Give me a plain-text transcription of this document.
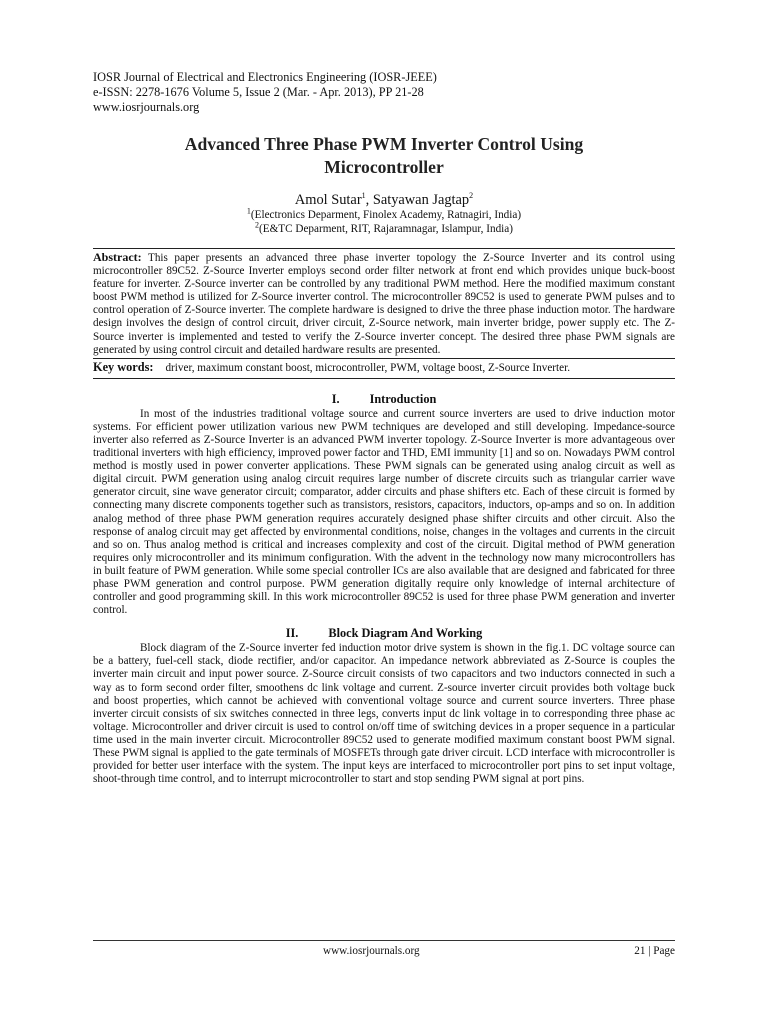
IOSR Journal of Electrical and Electronics Engineering (IOSR-JEEE)
e-ISSN: 2278-1676 Volume 5, Issue 2 (Mar. - Apr. 2013), PP 21-28
www.iosrjournals.org
Advanced Three Phase PWM Inverter Control Using
Microcontroller
Amol Sutar$^1$, Satyawan Jagtap$^2$
$^1$(Electronics Deparment, Finolex Academy, Ratnagiri, India)
$^2$(E&TC Deparment, RIT, Rajaramnagar, Islampur, India)
Abstract: This paper presents an advanced three phase inverter topology the Z-Source Inverter and its control using microcontroller 89C52. Z-Source Inverter employs second order filter network at front end which provides unique buck-boost feature for inverter. Z-Source inverter can be controlled by any traditional PWM method. Here the modified maximum constant boost PWM method is utilized for Z-Source inverter control. The microcontroller 89C52 is used to generate PWM pulses and to control operation of Z-Source inverter. The complete hardware is designed to drive the three phase induction motor. The hardware design involves the design of control circuit, driver circuit, Z-Source network, main inverter bridge, power supply etc. The Z-Source inverter is implemented and tested to verify the Z-Source inverter concept. The desired three phase PWM signals are generated by using control circuit and detailed hardware results are presented.
Key words: driver, maximum constant boost, microcontroller, PWM, voltage boost, Z-Source Inverter.
I. Introduction
In most of the industries traditional voltage source and current source inverters are used to drive induction motor systems. For efficient power utilization various new PWM techniques are developed and still developing. Impedance-source inverter also referred as Z-Source Inverter is an advanced PWM inverter topology. Z-Source Inverter is more advantageous over traditional inverters with high efficiency, improved power factor and THD, EMI immunity [1] and so on. Nowadays PWM control method is mostly used in power converter applications. These PWM signals can be generated using analog circuit as well as digital circuit. PWM generation using analog circuit requires large number of discrete circuits such as triangular carrier wave generator circuit, sine wave generator circuit; comparator, adder circuits and phase shifters etc. Each of these circuit is formed by connecting many discrete components together such as transistors, resistors, capacitors, inductors, op-amps and so on. In addition analog method of three phase PWM generation requires accurately designed phase shifter circuits and other circuit. Also the response of analog circuit may get affected by environmental conditions, noise, changes in the voltages and currents in the circuit and so on. Thus analog method is critical and increases complexity and cost of the circuit. Digital method of PWM generation requires only microcontroller and its minimum configuration. With the advent in the technology now many microcontrollers has in built feature of PWM generation. While some special controller ICs are also available that are designed and fabricated for three phase PWM generation and control purpose. PWM generation digitally require only knowledge of internal architecture of controller and good programming skill. In this work microcontroller 89C52 is used for three phase PWM generation and inverter control.
II. Block Diagram And Working
Block diagram of the Z-Source inverter fed induction motor drive system is shown in the fig.1. DC voltage source can be a battery, fuel-cell stack, diode rectifier, and/or capacitor. An impedance network abbreviated as Z-Source is couples the inverter main circuit and input power source. Z-Source circuit consists of two capacitors and two inductors connected in such a way as to form second order filter, smoothens dc link voltage and current. Z-source inverter circuit provides both voltage buck and boost properties, which cannot be achieved with conventional voltage source and current source inverters. Three phase inverter circuit consists of six switches connected in three legs, converts input dc link voltage in to corresponding three phase ac voltage. Microcontroller and driver circuit is used to control on/off time of switching devices in a proper sequence in a particular time used in the main inverter circuit. Microcontroller 89C52 used to generate modified maximum constant boost PWM signal. These PWM signal is applied to the gate terminals of MOSFETs through gate driver circuit. LCD interface with microcontroller is provided for better user interface with the system. The input keys are interfaced to microcontroller port pins to set input voltage, shoot-through time control, and to interrupt microcontroller to start and stop sending PWM signal at port pins.
www.iosrjournals.org	21 | Page
